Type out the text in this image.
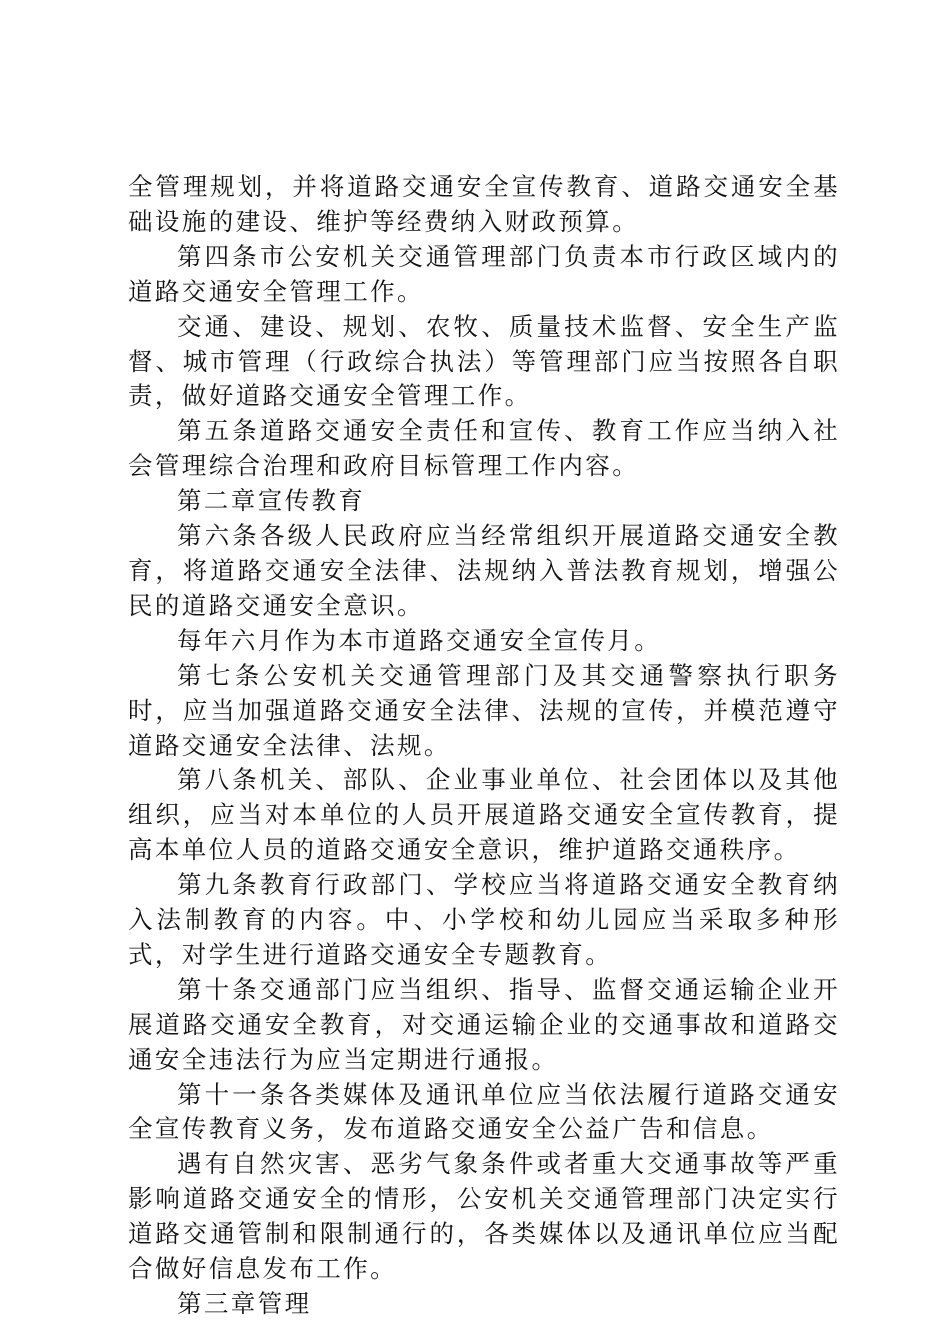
全管理规划，并将道路交通安全宣传教育、道路交通安全基础设施的建设、维护等经费纳入财政预算。

第四条市公安机关交通管理部门负责本市行政区域内的道路交通安全管理工作。

交通、建设、规划、农牧、质量技术监督、安全生产监督、城市管理（行政综合执法）等管理部门应当按照各自职责，做好道路交通安全管理工作。

第五条道路交通安全责任和宣传、教育工作应当纳入社会管理综合治理和政府目标管理工作内容。

第二章宣传教育

第六条各级人民政府应当经常组织开展道路交通安全教育，将道路交通安全法律、法规纳入普法教育规划，增强公民的道路交通安全意识。

每年六月作为本市道路交通安全宣传月。

第七条公安机关交通管理部门及其交通警察执行职务时，应当加强道路交通安全法律、法规的宣传，并模范遵守道路交通安全法律、法规。

第八条机关、部队、企业事业单位、社会团体以及其他组织，应当对本单位的人员开展道路交通安全宣传教育，提高本单位人员的道路交通安全意识，维护道路交通秩序。

第九条教育行政部门、学校应当将道路交通安全教育纳入法制教育的内容。中、小学校和幼儿园应当采取多种形式，对学生进行道路交通安全专题教育。

第十条交通部门应当组织、指导、监督交通运输企业开展道路交通安全教育，对交通运输企业的交通事故和道路交通安全违法行为应当定期进行通报。

第十一条各类媒体及通讯单位应当依法履行道路交通安全宣传教育义务，发布道路交通安全公益广告和信息。

遇有自然灾害、恶劣气象条件或者重大交通事故等严重影响道路交通安全的情形，公安机关交通管理部门决定实行道路交通管制和限制通行的，各类媒体以及通讯单位应当配合做好信息发布工作。

第三章管理
